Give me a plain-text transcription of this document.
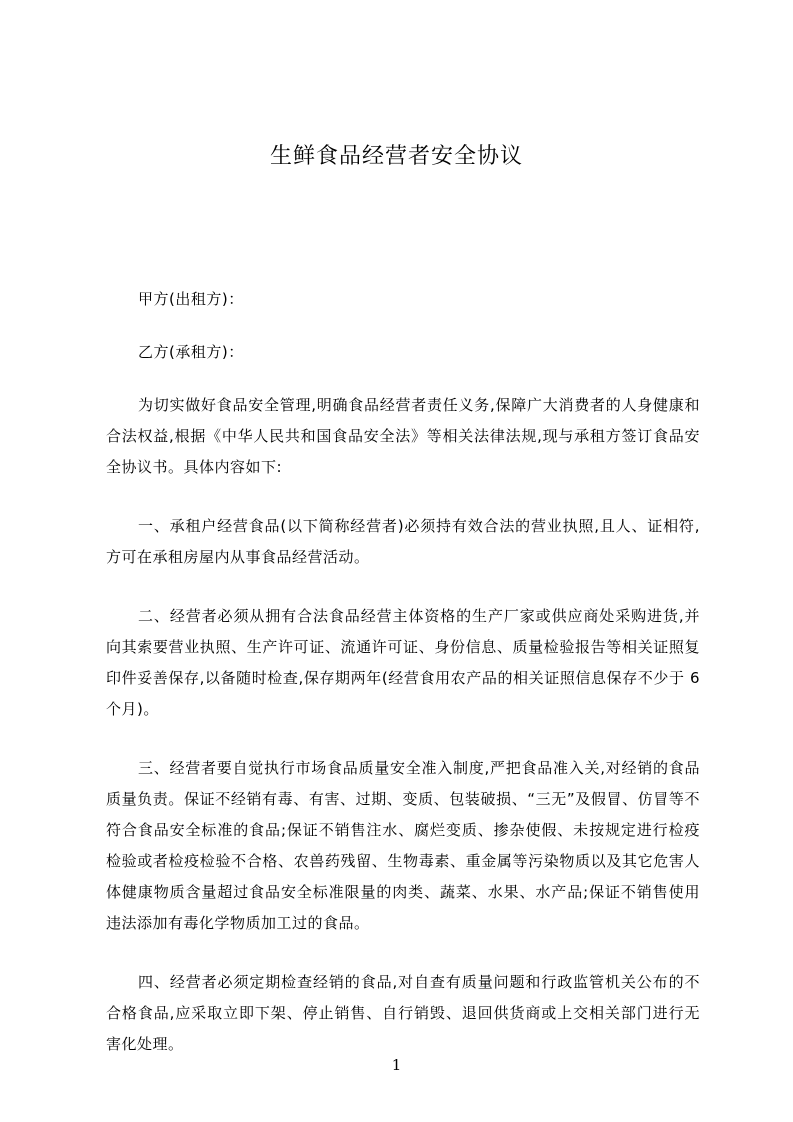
生鲜食品经营者安全协议

甲方(出租方)：

乙方(承租方)：

为切实做好食品安全管理,明确食品经营者责任义务,保障广大消费者的人身健康和合法权益,根据《中华人民共和国食品安全法》等相关法律法规,现与承租方签订食品安全协议书。具体内容如下:

一、承租户经营食品(以下简称经营者)必须持有效合法的营业执照,且人、证相符,方可在承租房屋内从事食品经营活动。

二、经营者必须从拥有合法食品经营主体资格的生产厂家或供应商处采购进货,并向其索要营业执照、生产许可证、流通许可证、身份信息、质量检验报告等相关证照复印件妥善保存,以备随时检查,保存期两年(经营食用农产品的相关证照信息保存不少于 6 个月)。

三、经营者要自觉执行市场食品质量安全准入制度,严把食品准入关,对经销的食品质量负责。保证不经销有毒、有害、过期、变质、包装破损、“三无”及假冒、仿冒等不符合食品安全标准的食品;保证不销售注水、腐烂变质、掺杂使假、未按规定进行检疫检验或者检疫检验不合格、农兽药残留、生物毒素、重金属等污染物质以及其它危害人体健康物质含量超过食品安全标准限量的肉类、蔬菜、水果、水产品;保证不销售使用违法添加有毒化学物质加工过的食品。

四、经营者必须定期检查经销的食品,对自查有质量问题和行政监管机关公布的不合格食品,应采取立即下架、停止销售、自行销毁、退回供货商或上交相关部门进行无害化处理。

1
